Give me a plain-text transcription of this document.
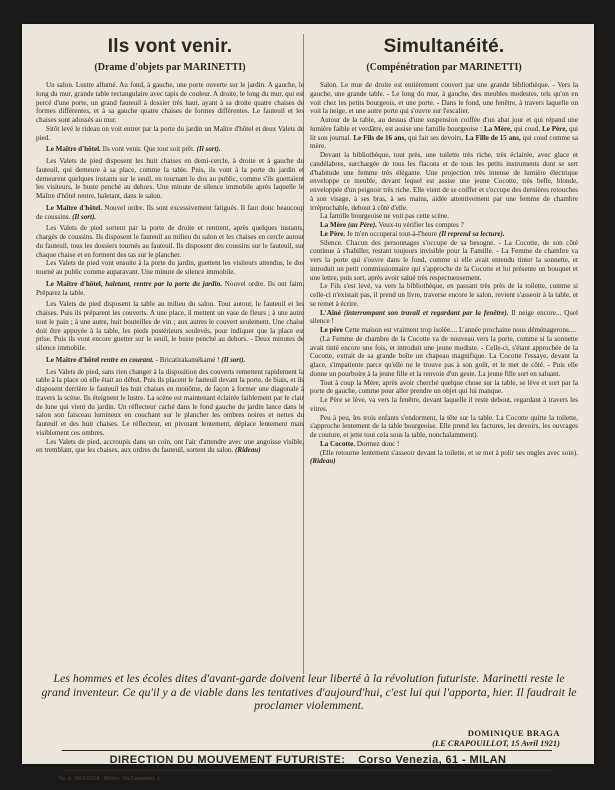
Ils vont venir.
(Drame d'objets par MARINETTI)

Un salon. Lustre allumé. Au fond, à gauche, une porte ouverte sur le jardin. A gauche, le long du mur, grande table rectangulaire avec tapis de couleur. A droite, le long du mur, qui est percé d'une porte, un grand fauteuil à dossier très haut, ayant à sa droite quatre chaises de formes différentes, et à sa gauche quatre chaises de formes différentes. Le fauteuil et les chaises sont adossés au mur.

Sitôt levé le rideau on voit entrer par la porte du jardin un Maître d'hôtel et deux Valets de pied.

Le Maître d'hôtel. Ils vont venir. Que tout soit prêt. (Il sort).

Les Valets de pied disposent les huit chaises en demi-cercle, à droite et à gauche du fauteuil, qui demeure à sa place, comme la table. Puis, ils vont à la porte du jardin et demeurent quelques instants sur le seuil, en tournant le dos au public, comme s'ils guettaient les visiteurs, le buste penché au dehors. Une minute de silence immobile après laquelle le Maître d'hôtel rentre, haletant, dans le salon.

Le Maître d'hôtel. Nouvel ordre. Ils sont excessivement fatigués. Il faut donc beaucoup de coussins. (Il sort).

Les Valets de pied sortent par la porte de droite et rentrent, après quelques instants, chargés de coussins. Ils disposent le fauteuil au milieu du salon et les chaises en cercle autour du fauteuil, tous les dossiers tournés au fauteuil. Ils disposent des coussins sur le fauteuil, sur chaque chaise et en forment des tas sur le plancher.

Les Valets de pied vont ensuite à la porte du jardin, guettent les visiteurs attendus, le dos tourné au public comme auparavant. Une minute de silence immobile.

Le Maître d'hôtel, haletant, rentre par la porte du jardin. Nouvel ordre. Ils ont faim. Préparez la table.

Les Valets de pied disposent la table au milieu du salon. Tout autour, le fauteuil et les chaises. Puis ils préparent les couverts. A une place, il mettent un vase de fleurs ; à une autre tout le pain ; à une autre, huit bouteilles de vin ; aux autres le couvert seulement. Une chaise doit être appuyée à la table, les pieds postérieurs soulevés, pour indiquer que la place est prise. Puis ils vont encore guetter sur le seuil, le buste penché au dehors. - Deux minutes de silence immobile.

Le Maître d'hôtel rentre en courant. - Bricatirakamékamé ! (Il sort).

Les Valets de pied, sans rien changer à la disposition des couverts remettent rapidement la table à la place où elle était au début. Puis ils placent le fauteuil devant la porte, de biais, et ils disposent derrière le fauteuil les huit chaises en monôme, de façon à former une diagonale à travers la scène. Ils éteignent le lustre. La scène est maintenant éclairée faiblement par le clair de lune qui vient du jardin. Un réflecteur caché dans le fond gauche du jardin lance dans le salon son faisceau lumineux en couchant sur le plancher les ombres noires et nettes du fauteuil et des huit chaises. Le réflecteur, en pivotant lentement, déplace lentement mais visiblement ces ombres.

Les Valets de pied, accroupis dans un coin, ont l'air d'attendre avec une angoisse visible, en tremblant, que les chaises, aux ordres du fauteuil, sortent du salon. (Rideau)

Simultanéité.
(Compénétration par MARINETTI)

Salon. Le mur de droite est entièrement couvert par une grande bibliothèque. - Vers la gauche, une grande table. - Le long du mur, à gauche, des meubles modestes, tels qu'on en voit chez les petits bourgeois, et une porte. - Dans le fond, une fenêtre, à travers laquelle on voit la neige, et une autre porte qui s'ouvre sur l'escalier.

Autour de la table, au dessus d'une suspension coiffée d'un abat jour et qui répand une lumière faible et verdâtre, est assise une famille bourgeoise : La Mère, qui coud, Le Père, qui lit son journal. Le Fils de 16 ans, qui fait ses devoirs, La Fille de 15 ans, qui coud comme sa mère.

Devant la bibliothèque, tout près, une toilette très riche, très éclairée, avec glace et candélabres, surchargée de tous les flacons et de tous les petits instruments dont se sert d'habitude une femme très élégante. Une projection très intense de lumière électrique enveloppe ce meuble, devant lequel est assise une jeune Cocotte, très belle, blonde, enveloppée d'un peignoir très riche. Elle vient de se coiffer et s'occupe des dernières retouches à son visage, à ses bras, à ses mains, aidée attentivement par une femme de chambre irréprochable, debout à côté d'elle.

La famille bourgeoise ne voit pas cette scène.

La Mère (au Père). Veux-tu vérifier les comptes ?

Le Père. Je m'en occuperai tout-à-l'heure (Il reprend sa lecture).

Silence. Chacun des personnages s'occupe de sa besogne. - La Cocotte, de son côté continue à s'habiller, restant toujours invisible pour la Famille. - La Femme de chambre va vers la porte qui s'ouvre dans le fond, comme si elle avait entendu tinter la sonnette, et introduit un petit commissionnaire qui s'approche de la Cocotte et lui présente un bouquet et une lettre, puis sort, après avoir salué très respectueusement.

Le Fils s'est levé, va vers la bibliothèque, en passant très près de la toilette, comme si celle-ci n'existait pas, il prend un livre, traverse encore le salon, revient s'asseoir à la table, et se remet à écrire.

L'Aîné (interrompant son travail et regardant par la fenêtre). Il neige encore... Quel silence !

Le père Cette maison est vraiment trop isolée.... L'année prochaine nous déménagerons....

(La Femme de chambre de la Cocotte va de nouveau vers la porte, comme si la sonnette avait tinté encore une fois, et introduit une jeune modiste. - Celle-ci, s'étant approchée de la Cocotte, extrait de sa grande boîte un chapeau magnifique. La Cocotte l'essaye, devant la glace, s'impatiente parce qu'elle ne le trouve pas à son goût, et le met de côté. - Puis elle donne un pourboire à la jeune fille et la renvoie d'un geste. La jeune fille sort en saluant.

Tout à coup la Mère, après avoir cherché quelque chose sur la table, se lève et sort par la porte de gauche, comme pour aller prendre un objet qui lui manque.

Le Père se lève, va vers la fenêtre, devant laquelle il reste debout, regardant à travers les vitres.

Peu à peu, les trois enfants s'endorment, la tête sur la table. La Cocotte quitte la toilette, s'approche lentement de la table bourgeoise. Elle prend les factures, les devoirs, les ouvrages de couture, et jette tout cela sous la table, nonchalamment).

La Cocotte. Dormez donc !

(Elle retourne lentement s'asseoir devant la toilette, et se met à polir ses ongles avec soin). (Rideau)

Les hommes et les écoles dites d'avant-garde doivent leur liberté à la révolution futuriste. Marinetti reste le grand inventeur. Ce qu'il y a de viable dans les tentatives d'aujourd'hui, c'est lui qui l'apporta, hier. Il faudrait le proclamer violemment.
DOMINIQUE BRAGA
(LE CRAPOUILLOT, 15 Avril 1921)
DIRECTION DU MOUVEMENT FUTURISTE: Corso Venezia, 61 - MILAN
Tip. A. TAVEGGIA - Milano, Via Cappellari, 1
